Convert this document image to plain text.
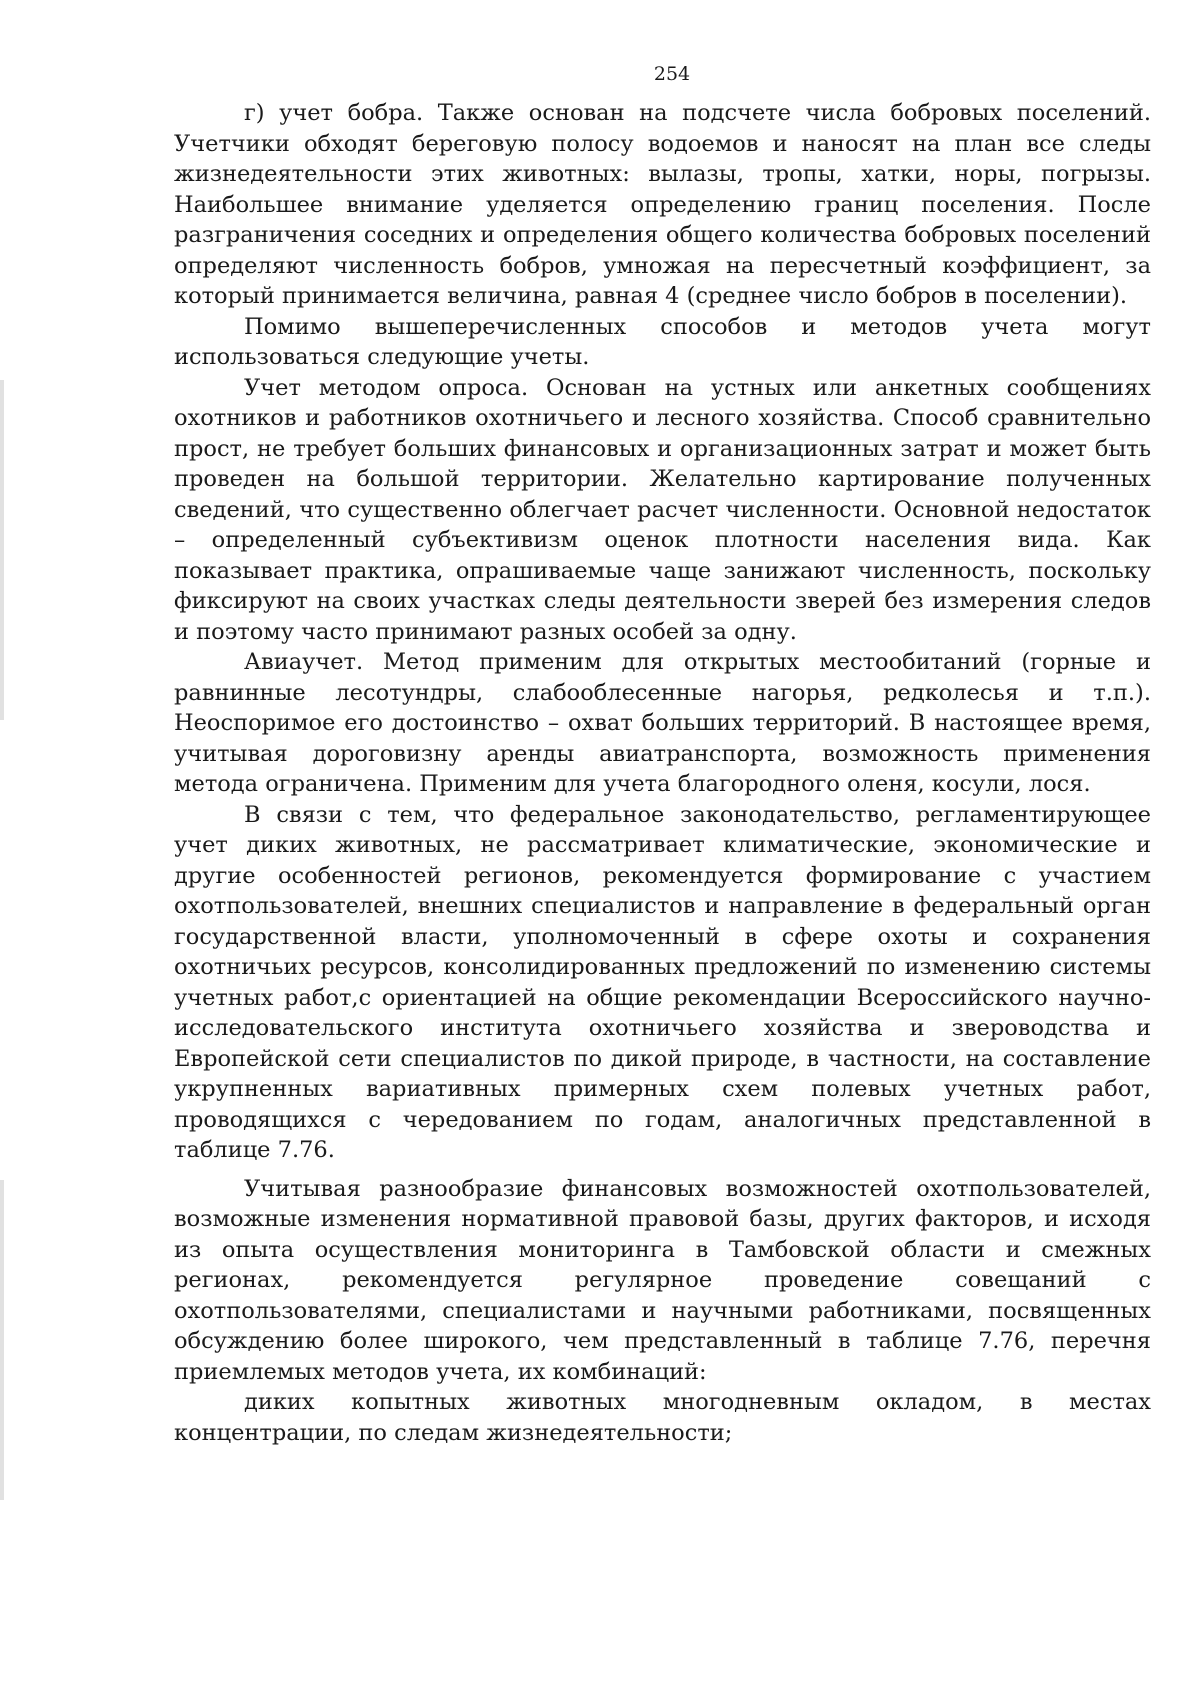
254

г) учет бобра. Также основан на подсчете числа бобровых поселений. Учетчики обходят береговую полосу водоемов и наносят на план все следы жизнедеятельности этих животных: вылазы, тропы, хатки, норы, погрызы. Наибольшее внимание уделяется определению границ поселения. После разграничения соседних и определения общего количества бобровых поселений определяют численность бобров, умножая на пересчетный коэффициент, за который принимается величина, равная 4 (среднее число бобров в поселении).

Помимо вышеперечисленных способов и методов учета могут использоваться следующие учеты.

Учет методом опроса. Основан на устных или анкетных сообщениях охотников и работников охотничьего и лесного хозяйства. Способ сравнительно прост, не требует больших финансовых и организационных затрат и может быть проведен на большой территории. Желательно картирование полученных сведений, что существенно облегчает расчет численности. Основной недостаток – определенный субъективизм оценок плотности населения вида. Как показывает практика, опрашиваемые чаще занижают численность, поскольку фиксируют на своих участках следы деятельности зверей без измерения следов и поэтому часто принимают разных особей за одну.

Авиаучет. Метод применим для открытых местообитаний (горные и равнинные лесотундры, слабооблесенные нагорья, редколесья и т.п.). Неоспоримое его достоинство – охват больших территорий. В настоящее время, учитывая дороговизну аренды авиатранспорта, возможность применения метода ограничена. Применим для учета благородного оленя, косули, лося.

В связи с тем, что федеральное законодательство, регламентирующее учет диких животных, не рассматривает климатические, экономические и другие особенностей регионов, рекомендуется формирование с участием охотпользователей, внешних специалистов и направление в федеральный орган государственной власти, уполномоченный в сфере охоты и сохранения охотничьих ресурсов, консолидированных предложений по изменению системы учетных работ,с ориентацией на общие рекомендации Всероссийского научно-исследовательского института охотничьего хозяйства и звероводства и Европейской сети специалистов по дикой природе, в частности, на составление укрупненных вариативных примерных схем полевых учетных работ, проводящихся с чередованием по годам, аналогичных представленной в таблице 7.76.

Учитывая разнообразие финансовых возможностей охотпользователей, возможные изменения нормативной правовой базы, других факторов, и исходя из опыта осуществления мониторинга в Тамбовской области и смежных регионах, рекомендуется регулярное проведение совещаний с охотпользователями, специалистами и научными работниками, посвященных обсуждению более широкого, чем представленный в таблице 7.76, перечня приемлемых методов учета, их комбинаций:

диких копытных животных многодневным окладом, в местах концентрации, по следам жизнедеятельности;
